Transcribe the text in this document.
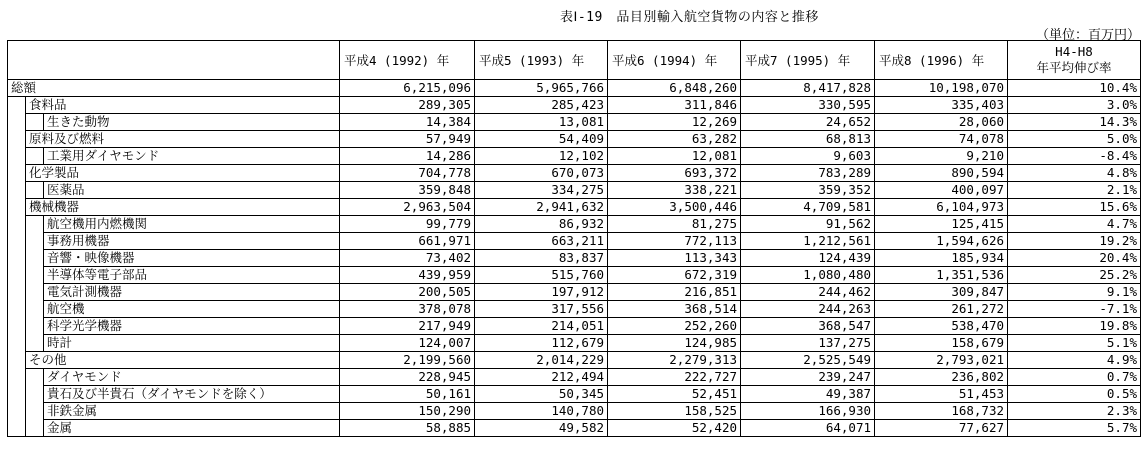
表Ⅰ-19　品目別輸入航空貨物の内容と推移
（単位：百万円）
			平成4 (1992) 年	平成5 (1993) 年	平成6 (1994) 年	平成7 (1995) 年	平成8 (1996) 年	H4-H8
年平均伸び率

総額			6,215,096	5,965,766	6,848,260	8,417,828	10,198,070	10.4%
	食料品		289,305	285,423	311,846	330,595	335,403	3.0%
		生きた動物	14,384	13,081	12,269	24,652	28,060	14.3%
	原料及び燃料		57,949	54,409	63,282	68,813	74,078	5.0%
		工業用ダイヤモンド	14,286	12,102	12,081	9,603	9,210	-8.4%
	化学製品		704,778	670,073	693,372	783,289	890,594	4.8%
		医薬品	359,848	334,275	338,221	359,352	400,097	2.1%
	機械機器		2,963,504	2,941,632	3,500,446	4,709,581	6,104,973	15.6%
		航空機用内燃機関	99,779	86,932	81,275	91,562	125,415	4.7%
		事務用機器	661,971	663,211	772,113	1,212,561	1,594,626	19.2%
		音響・映像機器	73,402	83,837	113,343	124,439	185,934	20.4%
		半導体等電子部品	439,959	515,760	672,319	1,080,480	1,351,536	25.2%
		電気計測機器	200,505	197,912	216,851	244,462	309,847	9.1%
		航空機	378,078	317,556	368,514	244,263	261,272	-7.1%
		科学光学機器	217,949	214,051	252,260	368,547	538,470	19.8%
		時計	124,007	112,679	124,985	137,275	158,679	5.1%
	その他		2,199,560	2,014,229	2,279,313	2,525,549	2,793,021	4.9%
		ダイヤモンド	228,945	212,494	222,727	239,247	236,802	0.7%
		貴石及び半貴石（ダイヤモンドを除く）	50,161	50,345	52,451	49,387	51,453	0.5%
		非鉄金属	150,290	140,780	158,525	166,930	168,732	2.3%
		金属	58,885	49,582	52,420	64,071	77,627	5.7%
